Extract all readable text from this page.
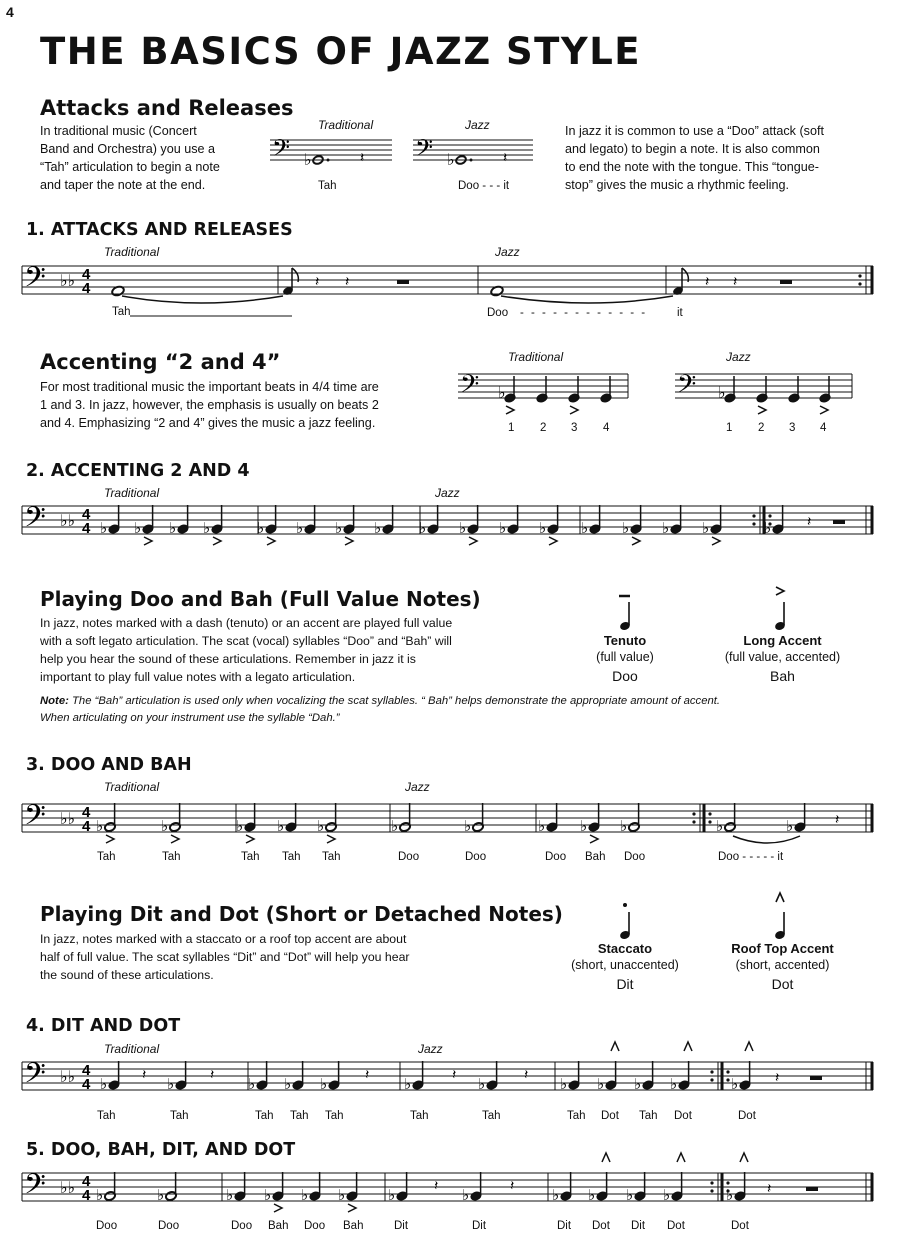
4
THE BASICS OF JAZZ STYLE
Attacks and Releases
In traditional music (Concert
Band and Orchestra) you use a
“Tah” articulation to begin a note
and taper the note at the end.
Traditional	Jazz
Tah	Doo - - - it
In jazz it is common to use a “Doo” attack (soft
and legato) to begin a note. It is also common
to end the note with the tongue. This “tongue-
stop” gives the music a rhythmic feeling.
𝄢	𝄢
♭	𝄽	♭	𝄽
1. ATTACKS AND RELEASES
Traditional	Jazz
Tah	Doo - - - - - - - - - - - -	it
𝄢 ♭♭ 4
4	𝄽 𝄽	𝄽 𝄽
Accenting “2 and 4”
For most traditional music the important beats in 4/4 time are
1 and 3. In jazz, however, the emphasis is usually on beats 2
and 4. Emphasizing “2 and 4” gives the music a jazz feeling.
Traditional	Jazz
1 2 3 4	1 2 3 4
𝄢	𝄢
♭	♭
2. ACCENTING 2 AND 4
Traditional	Jazz
𝄢 ♭♭ 4
4	𝄽
♭ ♭ ♭ ♭	♭ ♭ ♭ ♭	♭ ♭ ♭ ♭ ♭ ♭ ♭ ♭	♭
Playing Doo and Bah (Full Value Notes)
In jazz, notes marked with a dash (tenuto) or an accent are played full value
with a soft legato articulation. The scat (vocal) syllables “Doo” and “Bah” will
help you hear the sound of these articulations. Remember in jazz it is
important to play full value notes with a legato articulation.
Tenuto
(full value)
Doo
Long Accent
(full value, accented)
Bah
Note: The “Bah” articulation is used only when vocalizing the scat syllables. “ Bah” helps demonstrate the appropriate amount of accent.
When articulating on your instrument use the syllable “Dah.”
3. DOO AND BAH
Traditional	Jazz
𝄢 ♭♭ 4
4	𝄽
♭	♭	♭ ♭ ♭	♭	♭	♭ ♭ ♭	♭	♭
Playing Dit and Dot (Short or Detached Notes)
In jazz, notes marked with a staccato or a roof top accent are about
half of full value. The scat syllables “Dit” and “Dot” will help you hear
the sound of these articulations.
Staccato
(short, unaccented)
Dit
Roof Top Accent
(short, accented)
Dot
4. DIT AND DOT
Traditional	Jazz
𝄢 ♭♭ 4
4	𝄽
♭
𝄽
♭
𝄽
♭ ♭ ♭
𝄽
♭
𝄽
♭
𝄽
♭ ♭ ♭ ♭	♭
5. DOO, BAH, DIT, AND DOT
𝄢 ♭♭ 4
4	𝄽
♭	♭	♭ ♭ ♭ ♭	♭
𝄽
♭
𝄽
♭ ♭ ♭ ♭	♭
Tah	Tah	Tah Tah Tah	Doo	Doo	Doo Bah Doo	Doo - - - - - it
Tah	Tah	Tah Tah Tah	Tah	Tah	Tah Dot Tah Dot	Dot
Doo	Doo	Doo Bah Doo Bah	Dit	Dit	Dit Dot Dit Dot	Dot
